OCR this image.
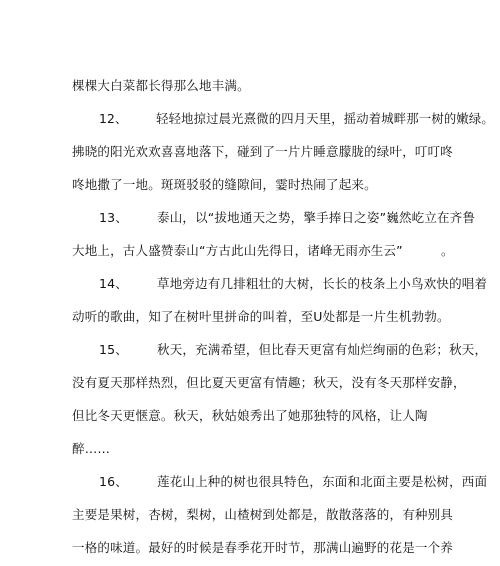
棵棵大白菜都长得那么地丰满。
12、 轻轻地掠过晨光熹微的四月天里，摇动着城畔那一树的嫩绿。
拂晓的阳光欢欢喜喜地落下，碰到了一片片睡意朦胧的绿叶，叮叮咚
咚地撒了一地。斑斑驳驳的缝隙间，霎时热闹了起来。
13、 泰山，以“拔地通天之势，擎手捧日之姿”巍然屹立在齐鲁
大地上，古人盛赞泰山“方古此山先得日，诸峰无雨亦生云”　　　。
14、 草地旁边有几排粗壮的大树，长长的枝条上小鸟欢快的唱着
动听的歌曲，知了在树叶里拼命的叫着，至U处都是一片生机勃勃。
15、 秋天，充满希望，但比春天更富有灿烂绚丽的色彩；秋天，
没有夏天那样热烈，但比夏天更富有情趣；秋天，没有冬天那样安静，
但比冬天更惬意。秋天，秋姑娘秀出了她那独特的风格，让人陶
醉……
16、 莲花山上种的树也很具特色，东面和北面主要是松树，西面
主要是果树，杏树，梨树，山楂树到处都是，散散落落的，有种别具
一格的味道。最好的时候是春季花开时节，那满山遍野的花是一个养
